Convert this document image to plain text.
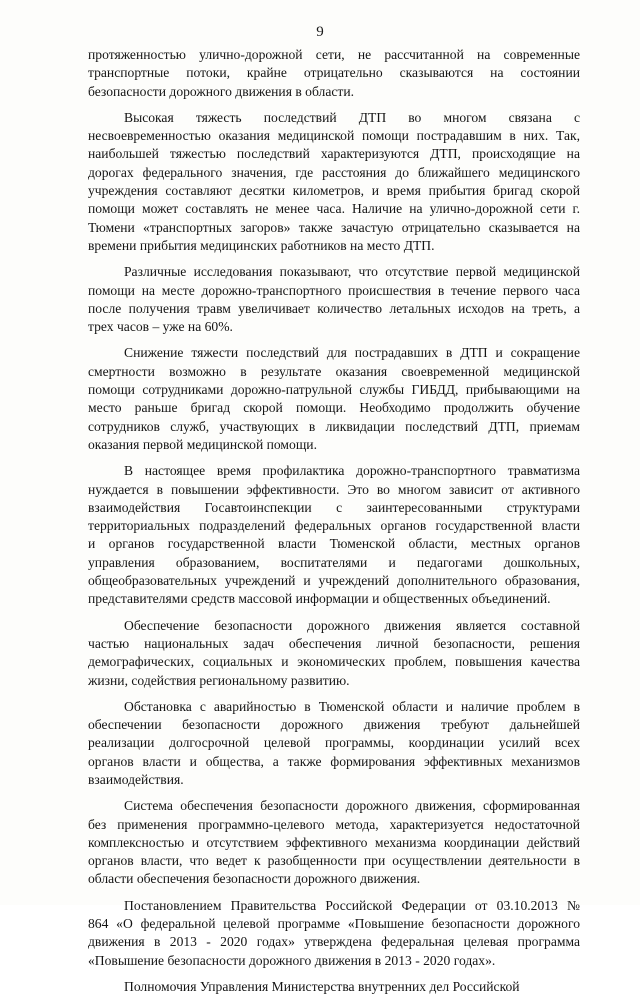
9
протяженностью улично-дорожной сети, не рассчитанной на современные
транспортные потоки, крайне отрицательно сказываются на состоянии
безопасности дорожного движения в области.
Высокая тяжесть последствий ДТП во многом связана с
несвоевременностью оказания медицинской помощи пострадавшим в них. Так,
наибольшей тяжестью последствий характеризуются ДТП, происходящие на
дорогах федерального значения, где расстояния до ближайшего медицинского
учреждения составляют десятки километров, и время прибытия бригад скорой
помощи может составлять не менее часа. Наличие на улично-дорожной сети г.
Тюмени «транспортных загоров» также зачастую отрицательно сказывается на
времени прибытия медицинских работников на место ДТП.
Различные исследования показывают, что отсутствие первой медицинской
помощи на месте дорожно-транспортного происшествия в течение первого часа
после получения травм увеличивает количество летальных исходов на треть, а
трех часов – уже на 60%.
Снижение тяжести последствий для пострадавших в ДТП и сокращение
смертности возможно в результате оказания своевременной медицинской
помощи сотрудниками дорожно-патрульной службы ГИБДД, прибывающими на
место раньше бригад скорой помощи. Необходимо продолжить обучение
сотрудников служб, участвующих в ликвидации последствий ДТП, приемам
оказания первой медицинской помощи.
В настоящее время профилактика дорожно-транспортного травматизма
нуждается в повышении эффективности. Это во многом зависит от активного
взаимодействия Госавтоинспекции с заинтересованными структурами
территориальных подразделений федеральных органов государственной власти
и органов государственной власти Тюменской области, местных органов
управления образованием, воспитателями и педагогами дошкольных,
общеобразовательных учреждений и учреждений дополнительного образования,
представителями средств массовой информации и общественных объединений.
Обеспечение безопасности дорожного движения является составной
частью национальных задач обеспечения личной безопасности, решения
демографических, социальных и экономических проблем, повышения качества
жизни, содействия региональному развитию.
Обстановка с аварийностью в Тюменской области и наличие проблем в
обеспечении безопасности дорожного движения требуют дальнейшей
реализации долгосрочной целевой программы, координации усилий всех
органов власти и общества, а также формирования эффективных механизмов
взаимодействия.
Система обеспечения безопасности дорожного движения, сформированная
без применения программно-целевого метода, характеризуется недостаточной
комплексностью и отсутствием эффективного механизма координации действий
органов власти, что ведет к разобщенности при осуществлении деятельности в
области обеспечения безопасности дорожного движения.
Постановлением Правительства Российской Федерации от 03.10.2013 №
864 «О федеральной целевой программе «Повышение безопасности дорожного
движения в 2013 - 2020 годах» утверждена федеральная целевая программа
«Повышение безопасности дорожного движения в 2013 - 2020 годах».
Полномочия Управления Министерства внутренних дел Российской
